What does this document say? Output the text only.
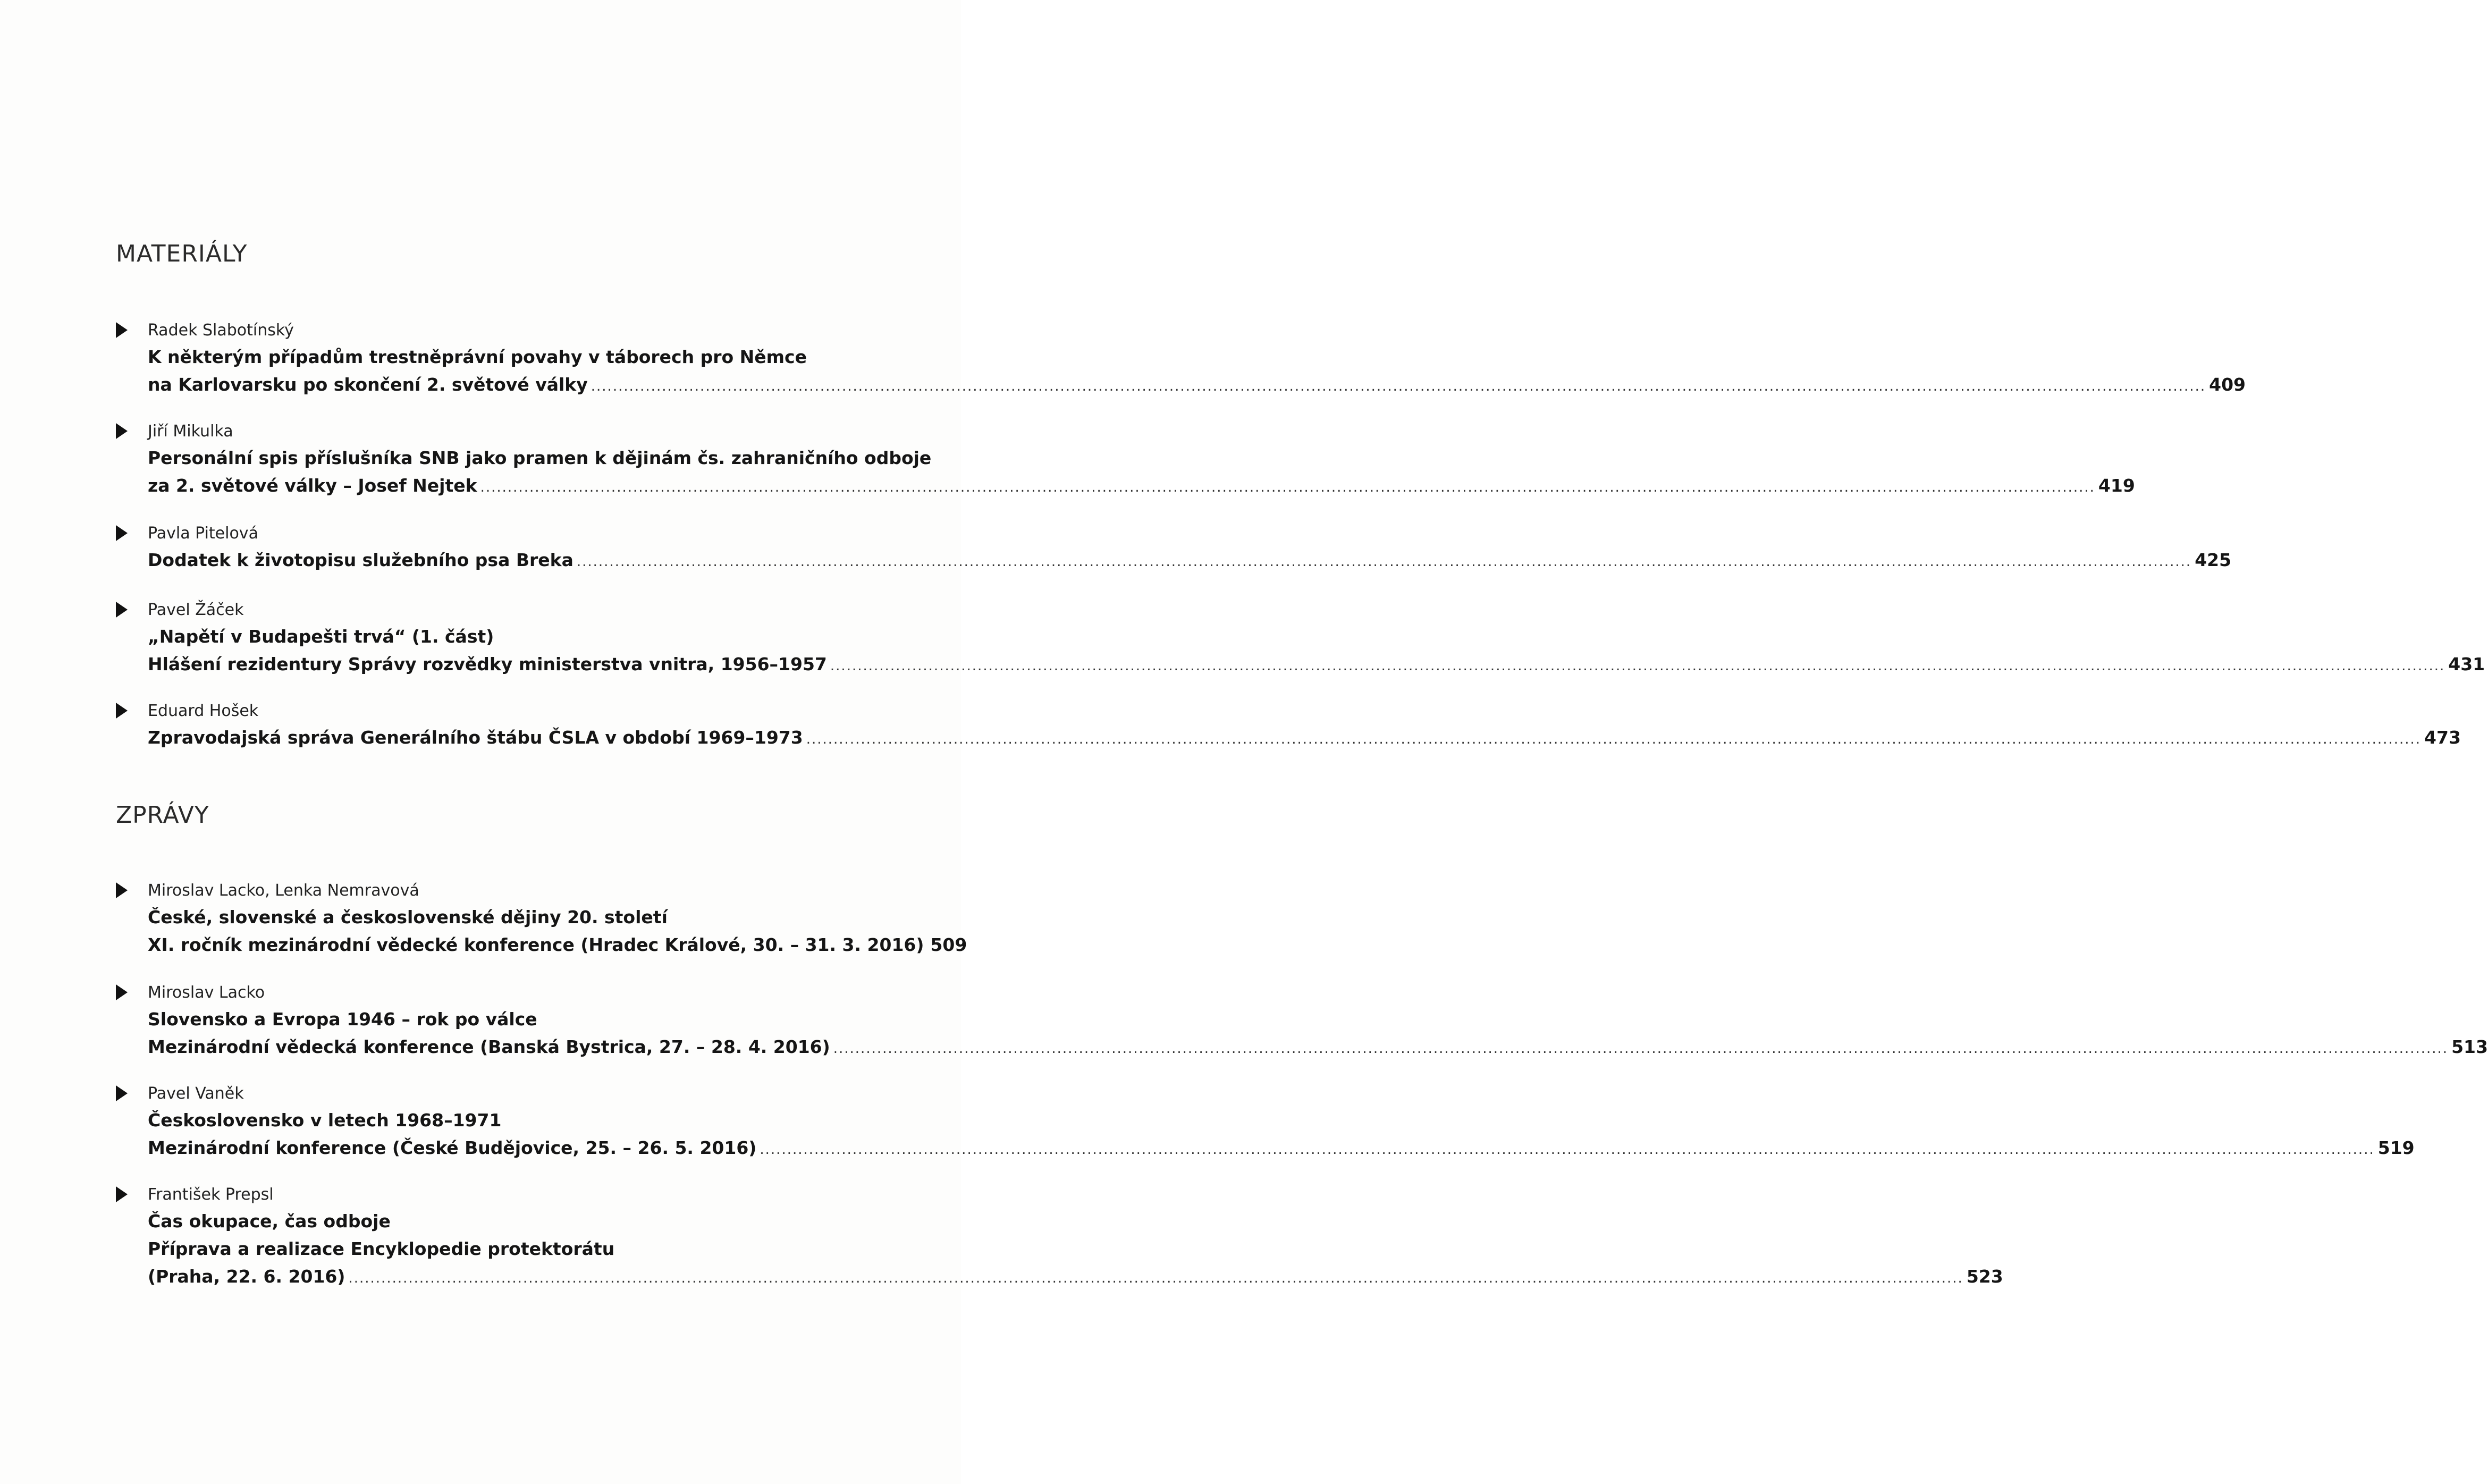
MATERIÁLY
Radek Slabotínský
K některým případům trestněprávní povahy v táborech pro Němce
na Karlovarsku po skončení 2. světové války .....	409
Jiří Mikulka
Personální spis příslušníka SNB jako pramen k dějinám čs. zahraničního odboje
za 2. světové války – Josef Nejtek .....	419
Pavla Pitelová
Dodatek k životopisu služebního psa Breka .....	425
Pavel Žáček
„Napětí v Budapešti trvá“ (1. část)
Hlášení rezidentury Správy rozvědky ministerstva vnitra, 1956–1957 .....	431
Eduard Hošek
Zpravodajská správa Generálního štábu ČSLA v období 1969–1973 .....	473
ZPRÁVY
Miroslav Lacko, Lenka Nemravová
České, slovenské a československé dějiny 20. století
XI. ročník mezinárodní vědecké konference (Hradec Králové, 30. – 31. 3. 2016) 509
Miroslav Lacko
Slovensko a Evropa 1946 – rok po válce
Mezinárodní vědecká konference (Banská Bystrica, 27. – 28. 4. 2016) .....	513
Pavel Vaněk
Československo v letech 1968–1971
Mezinárodní konference (České Budějovice, 25. – 26. 5. 2016) .....	519
František Prepsl
Čas okupace, čas odboje
Příprava a realizace Encyklopedie protektorátu
(Praha, 22. 6. 2016) .....	523
